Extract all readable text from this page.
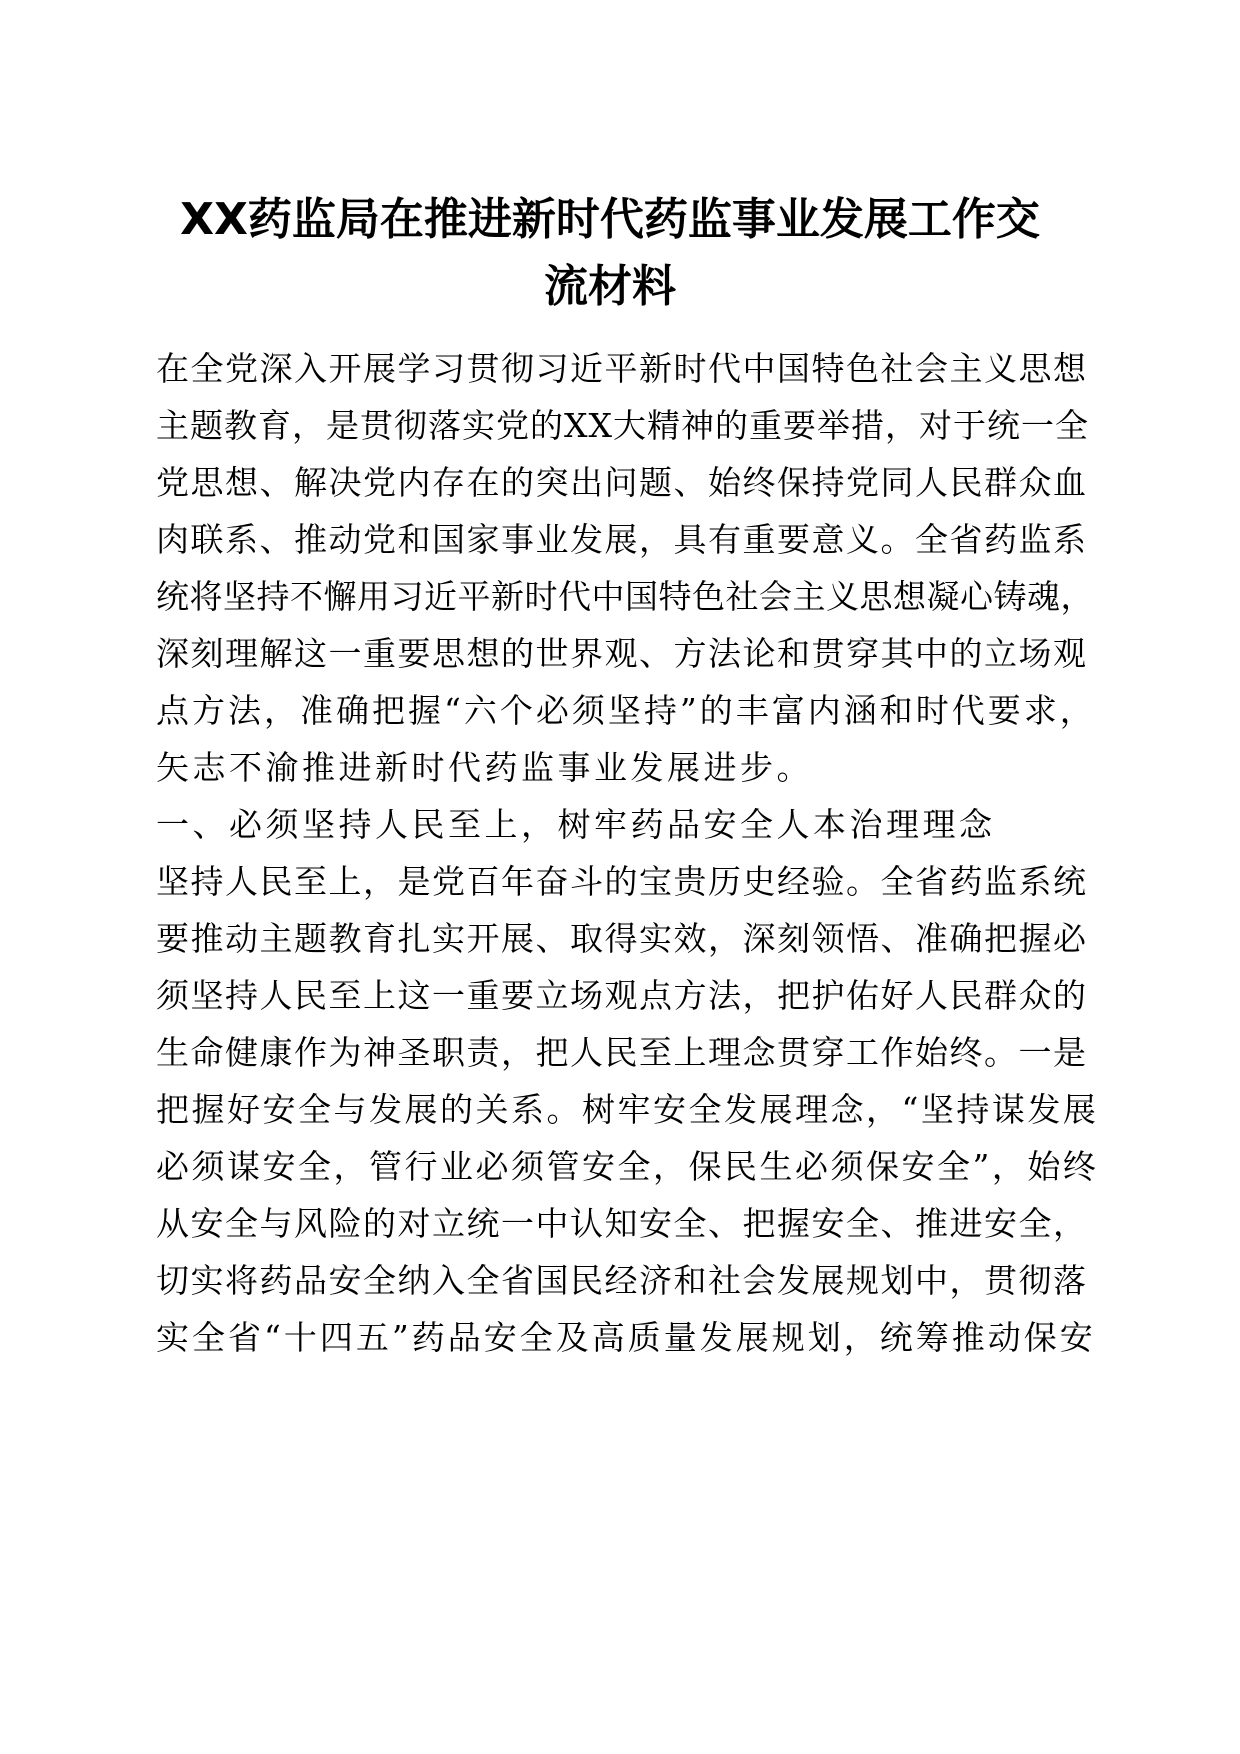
XX药监局在推进新时代药监事业发展工作交
流材料
在全党深入开展学习贯彻习近平新时代中国特色社会主义思想
主题教育，是贯彻落实党的XX大精神的重要举措，对于统一全
党思想、解决党内存在的突出问题、始终保持党同人民群众血
肉联系、推动党和国家事业发展，具有重要意义。全省药监系
统将坚持不懈用习近平新时代中国特色社会主义思想凝心铸魂，
深刻理解这一重要思想的世界观、方法论和贯穿其中的立场观
点方法，准确把握“六个必须坚持”的丰富内涵和时代要求，
矢志不渝推进新时代药监事业发展进步。
一、必须坚持人民至上，树牢药品安全人本治理理念
坚持人民至上，是党百年奋斗的宝贵历史经验。全省药监系统
要推动主题教育扎实开展、取得实效，深刻领悟、准确把握必
须坚持人民至上这一重要立场观点方法，把护佑好人民群众的
生命健康作为神圣职责，把人民至上理念贯穿工作始终。一是
把握好安全与发展的关系。树牢安全发展理念，“坚持谋发展
必须谋安全，管行业必须管安全，保民生必须保安全”，始终
从安全与风险的对立统一中认知安全、把握安全、推进安全，
切实将药品安全纳入全省国民经济和社会发展规划中，贯彻落
实全省“十四五”药品安全及高质量发展规划，统筹推动保安
